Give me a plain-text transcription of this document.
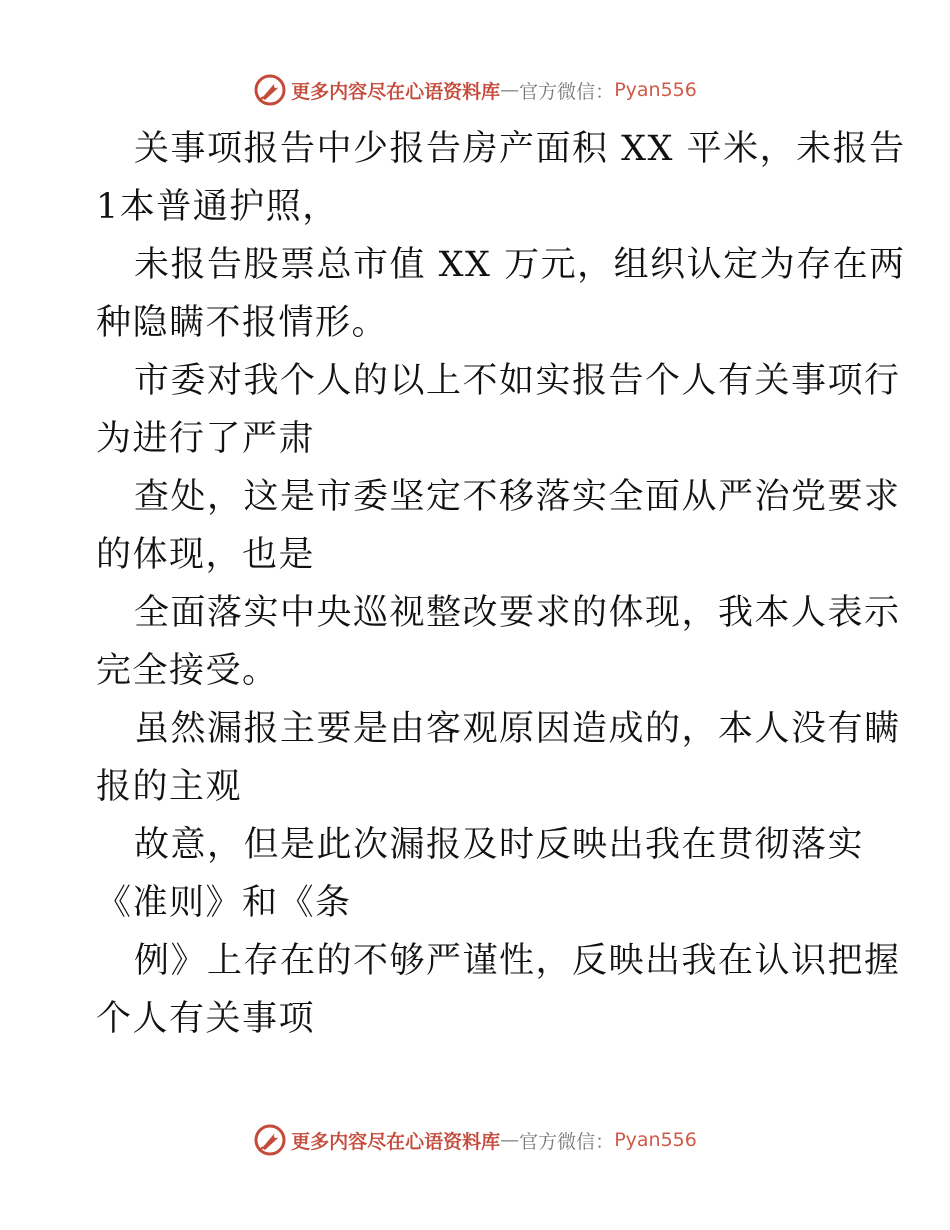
更多内容尽在心语资料库 — 官方微信： Pyan556

关事项报告中少报告房产面积 XX 平米，未报告

1本普通护照，

未报告股票总市值 XX 万元，组织认定为存在两

种隐瞒不报情形。

市委对我个人的以上不如实报告个人有关事项行

为进行了严肃

查处，这是市委坚定不移落实全面从严治党要求

的体现，也是

全面落实中央巡视整改要求的体现，我本人表示

完全接受。

虽然漏报主要是由客观原因造成的，本人没有瞒

报的主观

故意，但是此次漏报及时反映出我在贯彻落实

《准则》和《条

例》上存在的不够严谨性，反映出我在认识把握

个人有关事项

更多内容尽在心语资料库 — 官方微信： Pyan556
